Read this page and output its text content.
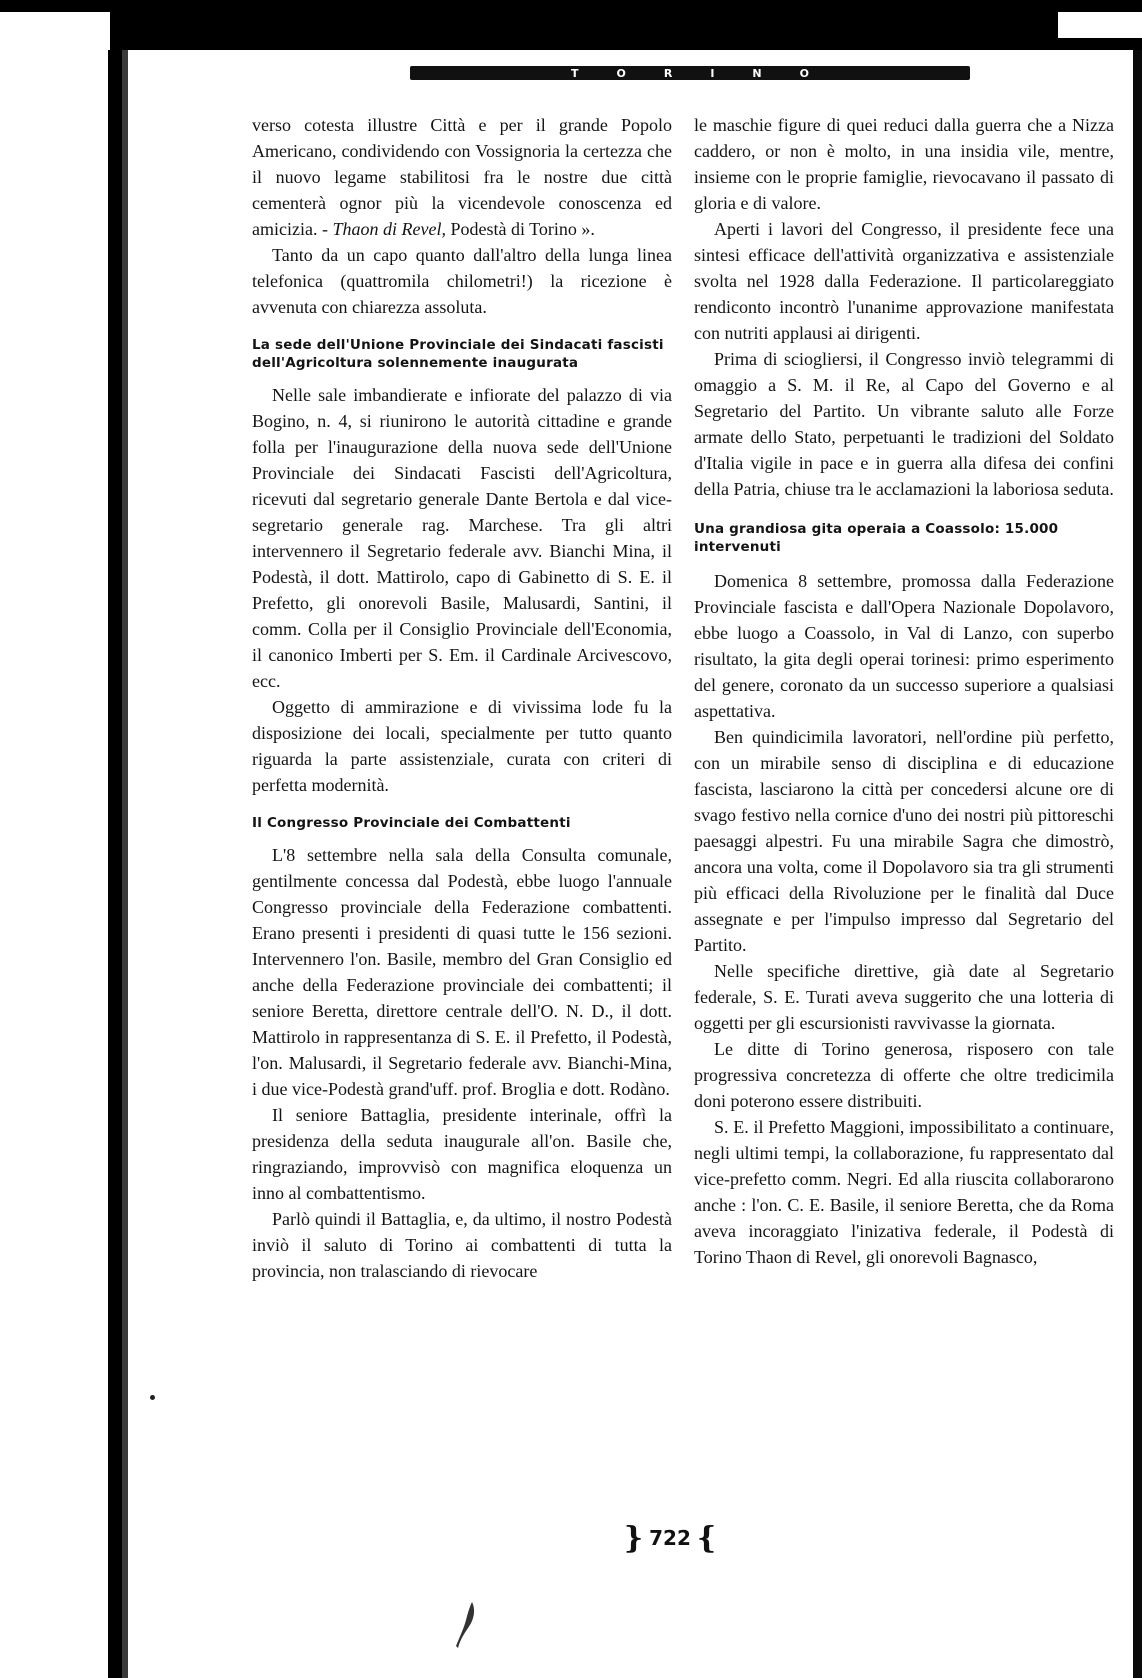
TORINO

verso cotesta illustre Città e per il grande Popolo Americano, condividendo con Vossignoria la certezza che il nuovo legame stabilitosi fra le nostre due città cementerà ognor più la vicendevole conoscenza ed amicizia. - Thaon di Revel, Podestà di Torino ».

Tanto da un capo quanto dall'altro della lunga linea telefonica (quattromila chilometri!) la ricezione è avvenuta con chiarezza assoluta.

La sede dell'Unione Provinciale dei Sindacati fascisti dell'Agricoltura solennemente inaugurata

Nelle sale imbandierate e infiorate del palazzo di via Bogino, n. 4, si riunirono le autorità cittadine e grande folla per l'inaugurazione della nuova sede dell'Unione Provinciale dei Sindacati Fascisti dell'Agricoltura, ricevuti dal segretario generale Dante Bertola e dal vice-segretario generale rag. Marchese. Tra gli altri intervennero il Segretario federale avv. Bianchi Mina, il Podestà, il dott. Mattirolo, capo di Gabinetto di S. E. il Prefetto, gli onorevoli Basile, Malusardi, Santini, il comm. Colla per il Consiglio Provinciale dell'Economia, il canonico Imberti per S. Em. il Cardinale Arcivescovo, ecc.

Oggetto di ammirazione e di vivissima lode fu la disposizione dei locali, specialmente per tutto quanto riguarda la parte assistenziale, curata con criteri di perfetta modernità.

Il Congresso Provinciale dei Combattenti

L'8 settembre nella sala della Consulta comunale, gentilmente concessa dal Podestà, ebbe luogo l'annuale Congresso provinciale della Federazione combattenti. Erano presenti i presidenti di quasi tutte le 156 sezioni. Intervennero l'on. Basile, membro del Gran Consiglio ed anche della Federazione provinciale dei combattenti; il seniore Beretta, direttore centrale dell'O. N. D., il dott. Mattirolo in rappresentanza di S. E. il Prefetto, il Podestà, l'on. Malusardi, il Segretario federale avv. Bianchi-Mina, i due vice-Podestà grand'uff. prof. Broglia e dott. Rodàno.

Il seniore Battaglia, presidente interinale, offrì la presidenza della seduta inaugurale all'on. Basile che, ringraziando, improvvisò con magnifica eloquenza un inno al combattentismo.

Parlò quindi il Battaglia, e, da ultimo, il nostro Podestà inviò il saluto di Torino ai combattenti di tutta la provincia, non tralasciando di rievocare

le maschie figure di quei reduci dalla guerra che a Nizza caddero, or non è molto, in una insidia vile, mentre, insieme con le proprie famiglie, rievocavano il passato di gloria e di valore.

Aperti i lavori del Congresso, il presidente fece una sintesi efficace dell'attività organizzativa e assistenziale svolta nel 1928 dalla Federazione. Il particolareggiato rendiconto incontrò l'unanime approvazione manifestata con nutriti applausi ai dirigenti.

Prima di sciogliersi, il Congresso inviò telegrammi di omaggio a S. M. il Re, al Capo del Governo e al Segretario del Partito. Un vibrante saluto alle Forze armate dello Stato, perpetuanti le tradizioni del Soldato d'Italia vigile in pace e in guerra alla difesa dei confini della Patria, chiuse tra le acclamazioni la laboriosa seduta.

Una grandiosa gita operaia a Coassolo: 15.000 intervenuti

Domenica 8 settembre, promossa dalla Federazione Provinciale fascista e dall'Opera Nazionale Dopolavoro, ebbe luogo a Coassolo, in Val di Lanzo, con superbo risultato, la gita degli operai torinesi: primo esperimento del genere, coronato da un successo superiore a qualsiasi aspettativa.

Ben quindicimila lavoratori, nell'ordine più perfetto, con un mirabile senso di disciplina e di educazione fascista, lasciarono la città per concedersi alcune ore di svago festivo nella cornice d'uno dei nostri più pittoreschi paesaggi alpestri. Fu una mirabile Sagra che dimostrò, ancora una volta, come il Dopolavoro sia tra gli strumenti più efficaci della Rivoluzione per le finalità dal Duce assegnate e per l'impulso impresso dal Segretario del Partito.

Nelle specifiche direttive, già date al Segretario federale, S. E. Turati aveva suggerito che una lotteria di oggetti per gli escursionisti ravvivasse la giornata.

Le ditte di Torino generosa, risposero con tale progressiva concretezza di offerte che oltre tredicimila doni poterono essere distribuiti.

S. E. il Prefetto Maggioni, impossibilitato a continuare, negli ultimi tempi, la collaborazione, fu rappresentato dal vice-prefetto comm. Negri. Ed alla riuscita collaborarono anche : l'on. C. E. Basile, il seniore Beretta, che da Roma aveva incoraggiato l'inizativa federale, il Podestà di Torino Thaon di Revel, gli onorevoli Bagnasco,

} 722 {
